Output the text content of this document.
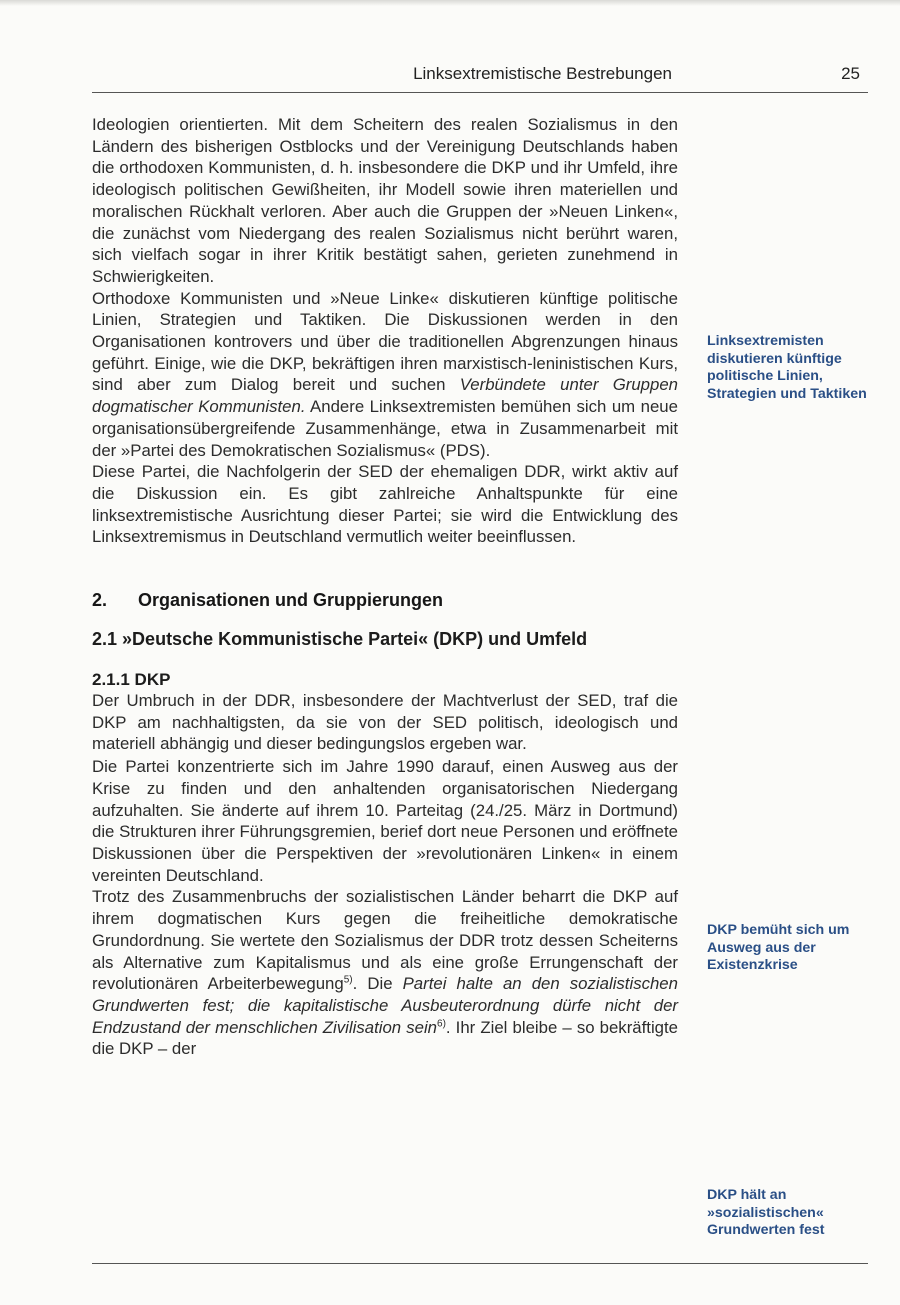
Linksextremistische Bestrebungen	25

Ideologien orientierten. Mit dem Scheitern des realen Sozialismus in den Ländern des bisherigen Ostblocks und der Vereinigung Deutschlands haben die orthodoxen Kommunisten, d. h. insbesondere die DKP und ihr Umfeld, ihre ideologisch politischen Gewißheiten, ihr Modell sowie ihren materiellen und moralischen Rückhalt verloren. Aber auch die Gruppen der »Neuen Linken«, die zunächst vom Niedergang des realen Sozialismus nicht berührt waren, sich vielfach sogar in ihrer Kritik bestätigt sahen, gerieten zunehmend in Schwierigkeiten.

Orthodoxe Kommunisten und »Neue Linke« diskutieren künftige politische Linien, Strategien und Taktiken. Die Diskussionen werden in den Organisationen kontrovers und über die traditionellen Abgrenzungen hinaus geführt. Einige, wie die DKP, bekräftigen ihren marxistisch-leninistischen Kurs, sind aber zum Dialog bereit und suchen Verbündete unter Gruppen dogmatischer Kommunisten. Andere Linksextremisten bemühen sich um neue organisationsübergreifende Zusammenhänge, etwa in Zusammenarbeit mit der »Partei des Demokratischen Sozialismus« (PDS).

Diese Partei, die Nachfolgerin der SED der ehemaligen DDR, wirkt aktiv auf die Diskussion ein. Es gibt zahlreiche Anhaltspunkte für eine linksextremistische Ausrichtung dieser Partei; sie wird die Entwicklung des Linksextremismus in Deutschland vermutlich weiter beeinflussen.

2. Organisationen und Gruppierungen
2.1 »Deutsche Kommunistische Partei« (DKP) und Umfeld
2.1.1 DKP

Der Umbruch in der DDR, insbesondere der Machtverlust der SED, traf die DKP am nachhaltigsten, da sie von der SED politisch, ideologisch und materiell abhängig und dieser bedingungslos ergeben war.

Die Partei konzentrierte sich im Jahre 1990 darauf, einen Ausweg aus der Krise zu finden und den anhaltenden organisatorischen Niedergang aufzuhalten. Sie änderte auf ihrem 10. Parteitag (24./25. März in Dortmund) die Strukturen ihrer Führungsgremien, berief dort neue Personen und eröffnete Diskussionen über die Perspektiven der »revolutionären Linken« in einem vereinten Deutschland.

Trotz des Zusammenbruchs der sozialistischen Länder beharrt die DKP auf ihrem dogmatischen Kurs gegen die freiheitliche demokratische Grundordnung. Sie wertete den Sozialismus der DDR trotz dessen Scheiterns als Alternative zum Kapitalismus und als eine große Errungenschaft der revolutionären Arbeiterbewegung$^{5)}$. Die Partei halte an den sozialistischen Grundwerten fest; die kapitalistische Ausbeuterordnung dürfe nicht der Endzustand der menschlichen Zivilisation sein$^{6)}$. Ihr Ziel bleibe – so bekräftigte die DKP – der

Linksextremisten diskutieren künftige politische Linien, Strategien und Taktiken
DKP bemüht sich um Ausweg aus der Existenzkrise
DKP hält an »sozialistischen« Grundwerten fest
